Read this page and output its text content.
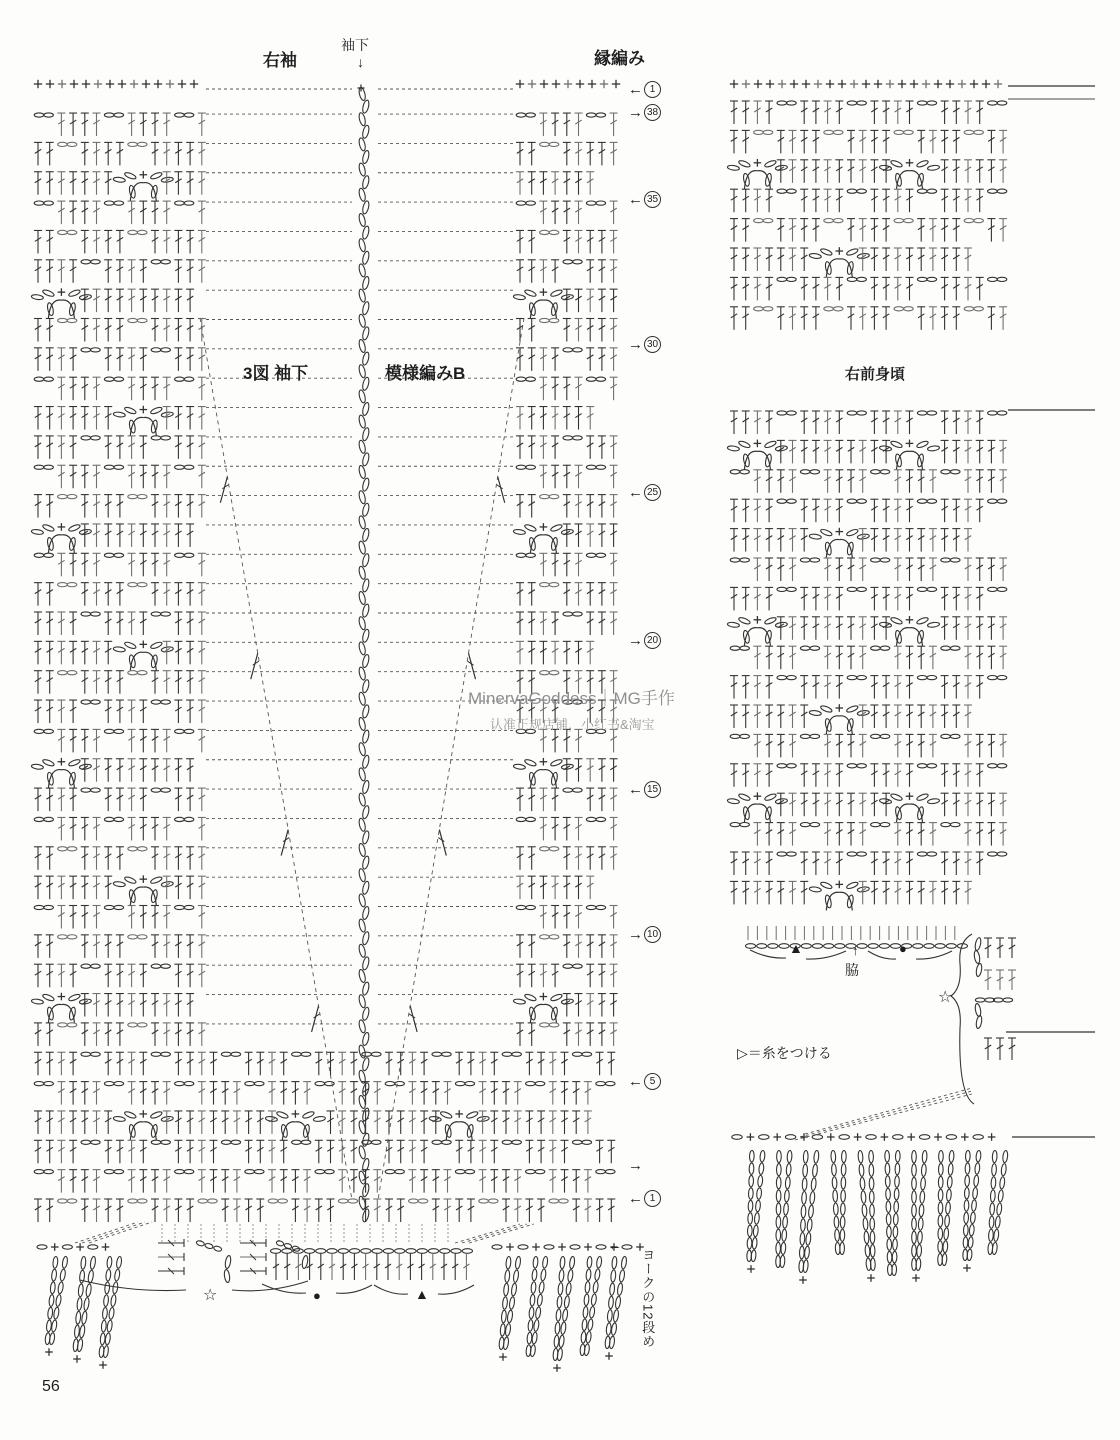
右袖
袖下
↓	縁編み
3図 袖下	模様編みB	右前身頃
MinervaGoddess｜MG手作
认准正规店铺，小红书&淘宝
▲	↑
脇
●
☆
▷＝糸をつける
☆	●	▲
←
ヨークの12段め
← 1
→ 38
← 35
→ 30
← 25
→ 20
← 15
→ 10
← 5
→
← 1
56
